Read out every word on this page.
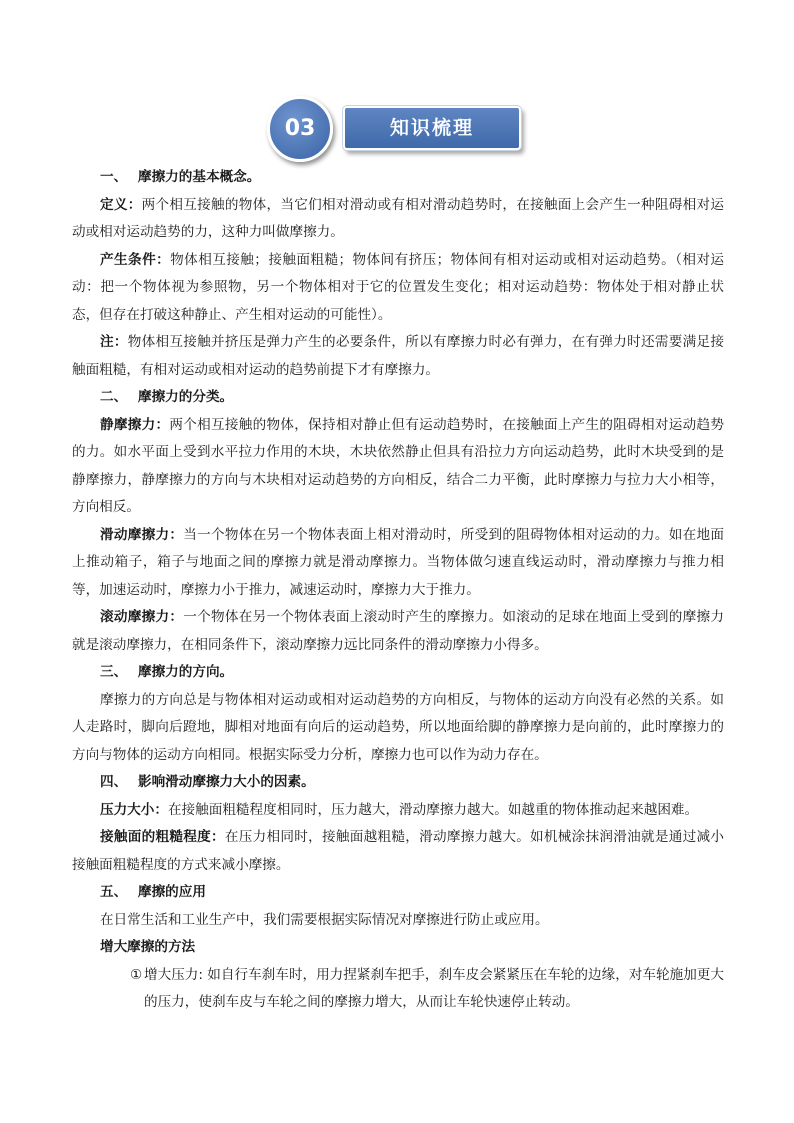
知识梳理
03

一、 摩擦力的基本概念。

定义：两个相互接触的物体，当它们相对滑动或有相对滑动趋势时，在接触面上会产生一种阻碍相对运动或相对运动趋势的力，这种力叫做摩擦力。

产生条件：物体相互接触；接触面粗糙；物体间有挤压；物体间有相对运动或相对运动趋势。（相对运动：把一个物体视为参照物，另一个物体相对于它的位置发生变化；相对运动趋势：物体处于相对静止状态，但存在打破这种静止、产生相对运动的可能性）。

注：物体相互接触并挤压是弹力产生的必要条件，所以有摩擦力时必有弹力，在有弹力时还需要满足接触面粗糙，有相对运动或相对运动的趋势前提下才有摩擦力。

二、 摩擦力的分类。

静摩擦力：两个相互接触的物体，保持相对静止但有运动趋势时，在接触面上产生的阻碍相对运动趋势的力。如水平面上受到水平拉力作用的木块，木块依然静止但具有沿拉力方向运动趋势，此时木块受到的是静摩擦力，静摩擦力的方向与木块相对运动趋势的方向相反，结合二力平衡，此时摩擦力与拉力大小相等，方向相反。

滑动摩擦力：当一个物体在另一个物体表面上相对滑动时，所受到的阻碍物体相对运动的力。如在地面上推动箱子，箱子与地面之间的摩擦力就是滑动摩擦力。当物体做匀速直线运动时，滑动摩擦力与推力相等，加速运动时，摩擦力小于推力，减速运动时，摩擦力大于推力。

滚动摩擦力：一个物体在另一个物体表面上滚动时产生的摩擦力。如滚动的足球在地面上受到的摩擦力就是滚动摩擦力，在相同条件下，滚动摩擦力远比同条件的滑动摩擦力小得多。

三、 摩擦力的方向。

摩擦力的方向总是与物体相对运动或相对运动趋势的方向相反，与物体的运动方向没有必然的关系。如人走路时，脚向后蹬地，脚相对地面有向后的运动趋势，所以地面给脚的静摩擦力是向前的，此时摩擦力的方向与物体的运动方向相同。根据实际受力分析，摩擦力也可以作为动力存在。

四、 影响滑动摩擦力大小的因素。

压力大小：在接触面粗糙程度相同时，压力越大，滑动摩擦力越大。如越重的物体推动起来越困难。

接触面的粗糙程度：在压力相同时，接触面越粗糙，滑动摩擦力越大。如机械涂抹润滑油就是通过减小接触面粗糙程度的方式来减小摩擦。

五、 摩擦的应用

在日常生活和工业生产中，我们需要根据实际情况对摩擦进行防止或应用。

增大摩擦的方法

① 增大压力: 如自行车刹车时，用力捏紧刹车把手，刹车皮会紧紧压在车轮的边缘，对车轮施加更大的压力，使刹车皮与车轮之间的摩擦力增大，从而让车轮快速停止转动。
